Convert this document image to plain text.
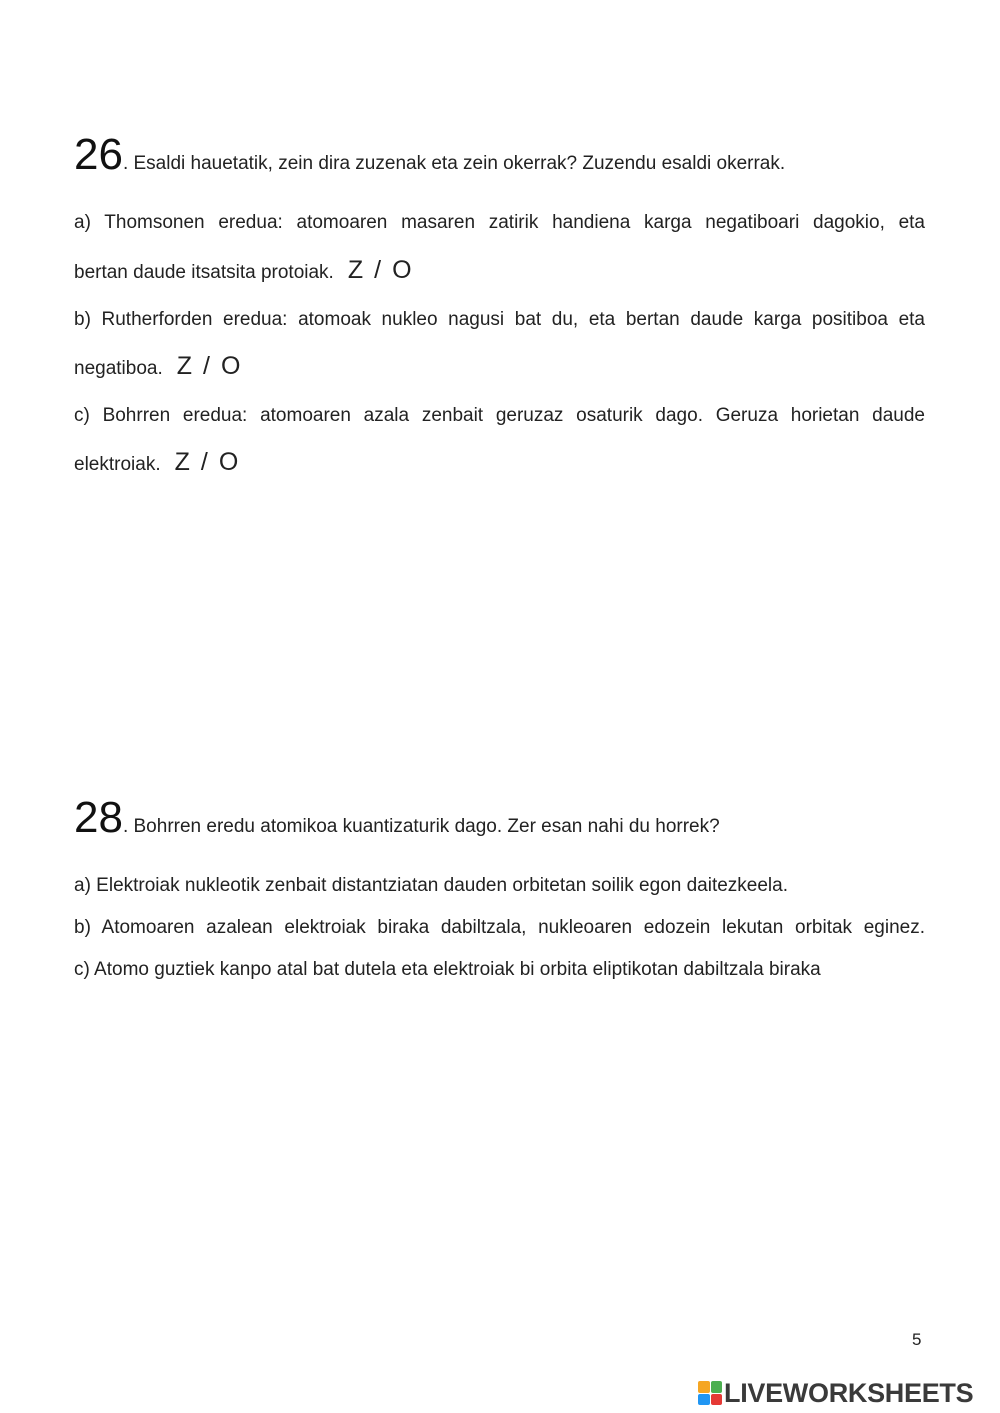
26. Esaldi hauetatik, zein dira zuzenak eta zein okerrak? Zuzendu esaldi okerrak.
a) Thomsonen eredua: atomoaren masaren zatirik handiena karga negatiboari dagokio, eta
bertan daude itsatsita protoiak. Z / O
b) Rutherforden eredua: atomoak nukleo nagusi bat du, eta bertan daude karga positiboa eta
negatiboa. Z / O
c) Bohrren eredua: atomoaren azala zenbait geruzaz osaturik dago. Geruza horietan daude
elektroiak. Z / O
28. Bohrren eredu atomikoa kuantizaturik dago. Zer esan nahi du horrek?
a) Elektroiak nukleotik zenbait distantziatan dauden orbitetan soilik egon daitezkeela.
b) Atomoaren azalean elektroiak biraka dabiltzala, nukleoaren edozein lekutan orbitak eginez.
c) Atomo guztiek kanpo atal bat dutela eta elektroiak bi orbita eliptikotan dabiltzala biraka
5
LIVEWORKSHEETS
